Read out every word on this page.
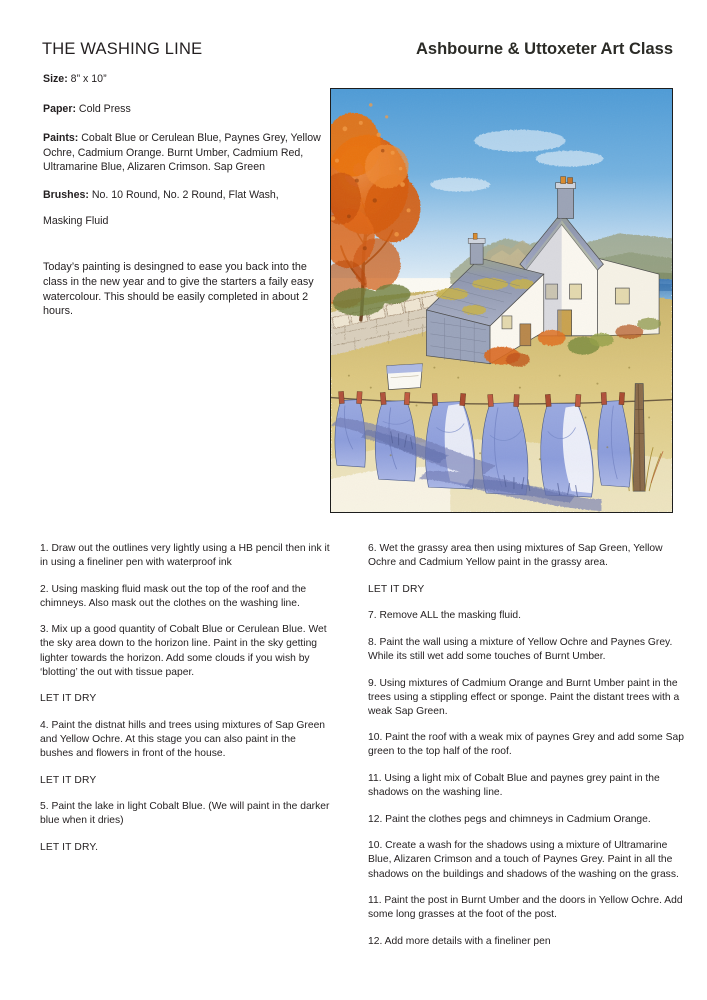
THE WASHING LINE	Ashbourne & Uttoxeter Art Class
Size: 8” x 10”
Paper: Cold Press
Paints: Cobalt Blue or Cerulean Blue, Paynes Grey, Yellow Ochre, Cadmium Orange. Burnt Umber, Cadmium Red, Ultramarine Blue, Alizaren Crimson. Sap Green
Brushes: No. 10 Round, No. 2 Round, Flat Wash,
Masking Fluid
Today’s painting is desingned to ease you back into the class in the new year and to give the starters a faily easy watercolour. This should be easily completed in about 2 hours.
1. Draw out the outlines very lightly using a HB pencil then ink it in using a fineliner pen with waterproof ink
2. Using masking fluid mask out the top of the roof and the chimneys. Also mask out the clothes on the washing line.
3. Mix up a good quantity of Cobalt Blue or Cerulean Blue. Wet the sky area down to the horizon line. Paint in the sky getting lighter towards the horizon. Add some clouds if you wish by ‘blotting’ the out with tissue paper.
LET IT DRY
4. Paint the distnat hills and trees using mixtures of Sap Green and Yellow Ochre. At this stage you can also paint in the bushes and flowers in front of the house.
LET IT DRY
5. Paint the lake in light Cobalt Blue. (We will paint in the darker blue when it dries)
LET IT DRY.
6. Wet the grassy area then using mixtures of Sap Green, Yellow Ochre and Cadmium Yellow paint in the grassy area.
LET IT DRY
7. Remove ALL the masking fluid.
8. Paint the wall using a mixture of Yellow Ochre and Paynes Grey. While its still wet add some touches of Burnt Umber.
9. Using mixtures of Cadmium Orange and Burnt Umber paint in the trees using a stippling effect or sponge. Paint the distant trees with a weak Sap Green.
10. Paint the roof with a weak mix of paynes Grey and add some Sap green to the top half of the roof.
11. Using a light mix of Cobalt Blue and paynes grey paint in the shadows on the washing line.
12. Paint the clothes pegs and chimneys in Cadmium Orange.
10. Create a wash for the shadows using a mixture of Ultramarine Blue, Alizaren Crimson and a touch of Paynes Grey. Paint in all the shadows on the buildings and shadows of the washing on the grass.
11. Paint the post in Burnt Umber and the doors in Yellow Ochre. Add some long grasses at the foot of the post.
12. Add more details with a fineliner pen
